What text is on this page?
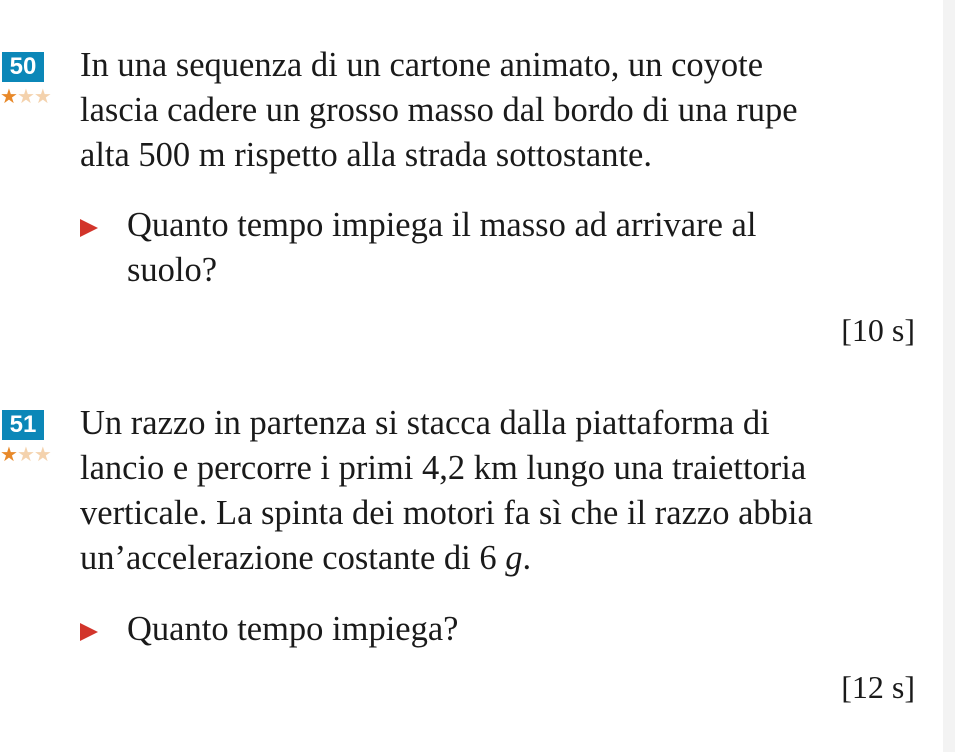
50
★★★
In una sequenza di un cartone animato, un coyote
lascia cadere un grosso masso dal bordo di una rupe
alta 500 m rispetto alla strada sottostante.
Quanto tempo impiega il masso ad arrivare al
suolo?
[10 s]
51
★★★
Un razzo in partenza si stacca dalla piattaforma di
lancio e percorre i primi 4,2 km lungo una traiettoria
verticale. La spinta dei motori fa sì che il razzo abbia
un’accelerazione costante di 6 g.
Quanto tempo impiega?
[12 s]
